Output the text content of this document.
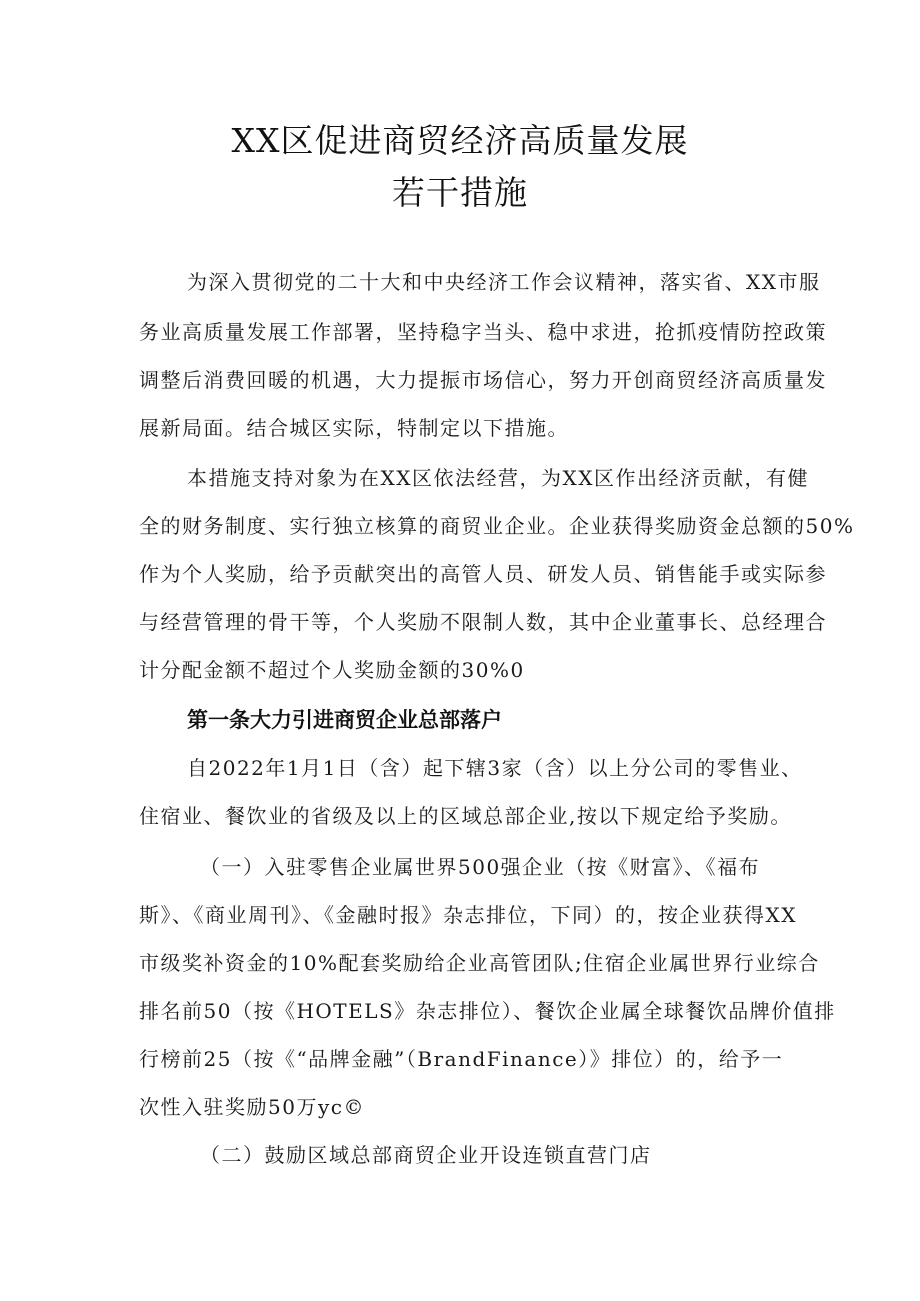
XX区促进商贸经济高质量发展
若干措施
为深入贯彻党的二十大和中央经济工作会议精神，落实省、XX市服
务业高质量发展工作部署，坚持稳字当头、稳中求进，抢抓疫情防控政策
调整后消费回暖的机遇，大力提振市场信心，努力开创商贸经济高质量发
展新局面。结合城区实际，特制定以下措施。
本措施支持对象为在XX区依法经营，为XX区作出经济贡献，有健
全的财务制度、实行独立核算的商贸业企业。企业获得奖励资金总额的50%
作为个人奖励，给予贡献突出的高管人员、研发人员、销售能手或实际参
与经营管理的骨干等，个人奖励不限制人数，其中企业董事长、总经理合
计分配金额不超过个人奖励金额的30%0
第一条大力引进商贸企业总部落户
自2022年1月1日（含）起下辖3家（含）以上分公司的零售业、
住宿业、餐饮业的省级及以上的区域总部企业,按以下规定给予奖励。
（一）入驻零售企业属世界500强企业（按《财富》、《福布
斯》、《商业周刊》、《金融时报》杂志排位，下同）的，按企业获得XX
市级奖补资金的10%配套奖励给企业高管团队;住宿企业属世界行业综合
排名前50（按《HOTELS》杂志排位）、餐饮企业属全球餐饮品牌价值排
行榜前25（按《“品牌金融”（BrandFinance）》排位）的，给予一
次性入驻奖励50万yc©
（二）鼓励区域总部商贸企业开设连锁直营门店
